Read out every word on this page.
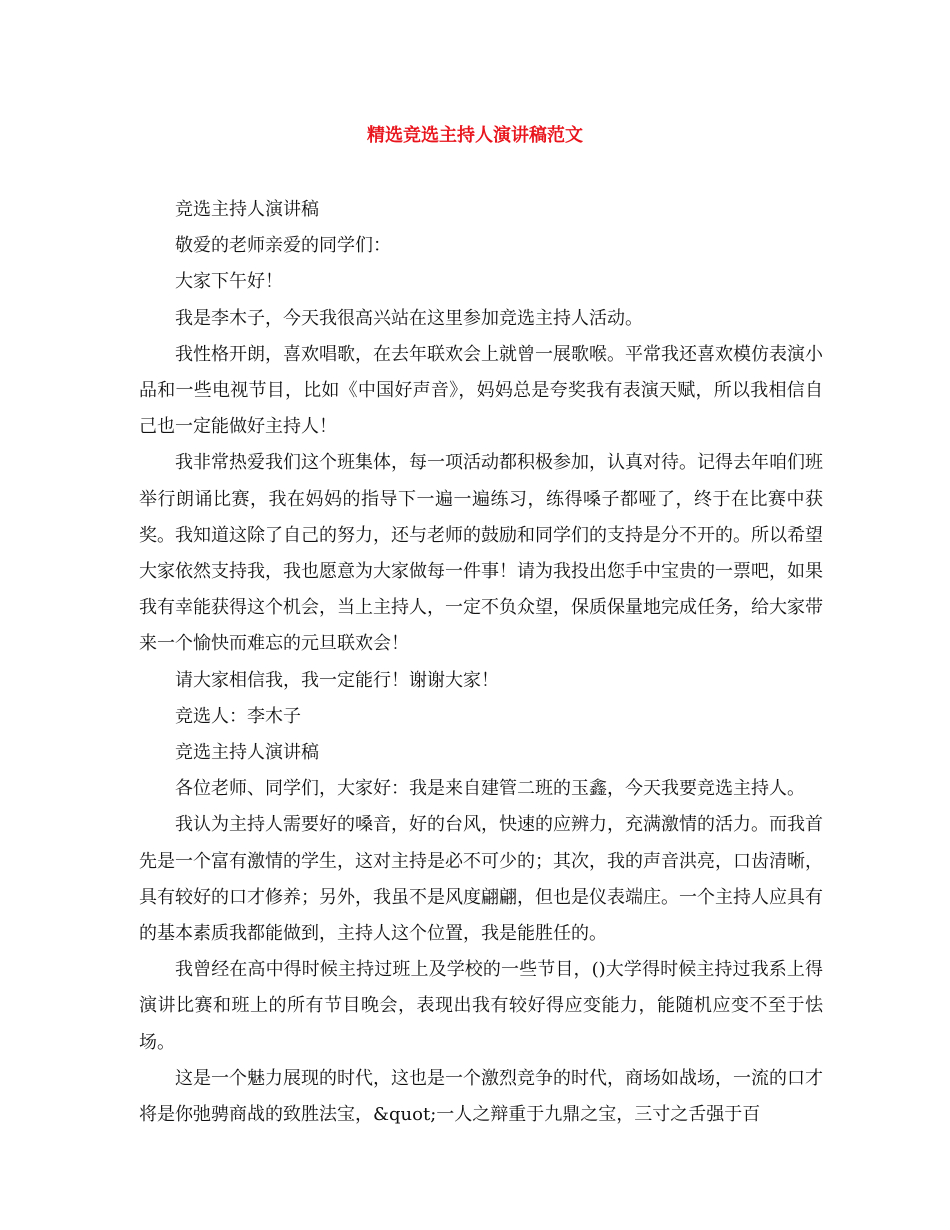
精选竞选主持人演讲稿范文

竞选主持人演讲稿

敬爱的老师亲爱的同学们：

大家下午好！

我是李木子，今天我很高兴站在这里参加竞选主持人活动。

我性格开朗，喜欢唱歌，在去年联欢会上就曾一展歌喉。平常我还喜欢模仿表演小品和一些电视节目，比如《中国好声音》，妈妈总是夸奖我有表演天赋，所以我相信自己也一定能做好主持人！

我非常热爱我们这个班集体，每一项活动都积极参加，认真对待。记得去年咱们班举行朗诵比赛，我在妈妈的指导下一遍一遍练习，练得嗓子都哑了，终于在比赛中获奖。我知道这除了自己的努力，还与老师的鼓励和同学们的支持是分不开的。所以希望大家依然支持我，我也愿意为大家做每一件事！请为我投出您手中宝贵的一票吧，如果我有幸能获得这个机会，当上主持人，一定不负众望，保质保量地完成任务，给大家带来一个愉快而难忘的元旦联欢会！

请大家相信我，我一定能行！谢谢大家！

竞选人：李木子

竞选主持人演讲稿

各位老师、同学们，大家好：我是来自建管二班的玉鑫，今天我要竞选主持人。

我认为主持人需要好的嗓音，好的台风，快速的应辨力，充满激情的活力。而我首先是一个富有激情的学生，这对主持是必不可少的；其次，我的声音洪亮，口齿清晰，具有较好的口才修养；另外，我虽不是风度翩翩，但也是仪表端庄。一个主持人应具有的基本素质我都能做到，主持人这个位置，我是能胜任的。

我曾经在高中得时候主持过班上及学校的一些节目，()大学得时候主持过我系上得演讲比赛和班上的所有节目晚会，表现出我有较好得应变能力，能随机应变不至于怯场。

这是一个魅力展现的时代，这也是一个激烈竞争的时代，商场如战场，一流的口才将是你弛骋商战的致胜法宝，&quot;一人之辩重于九鼎之宝，三寸之舌强于百
